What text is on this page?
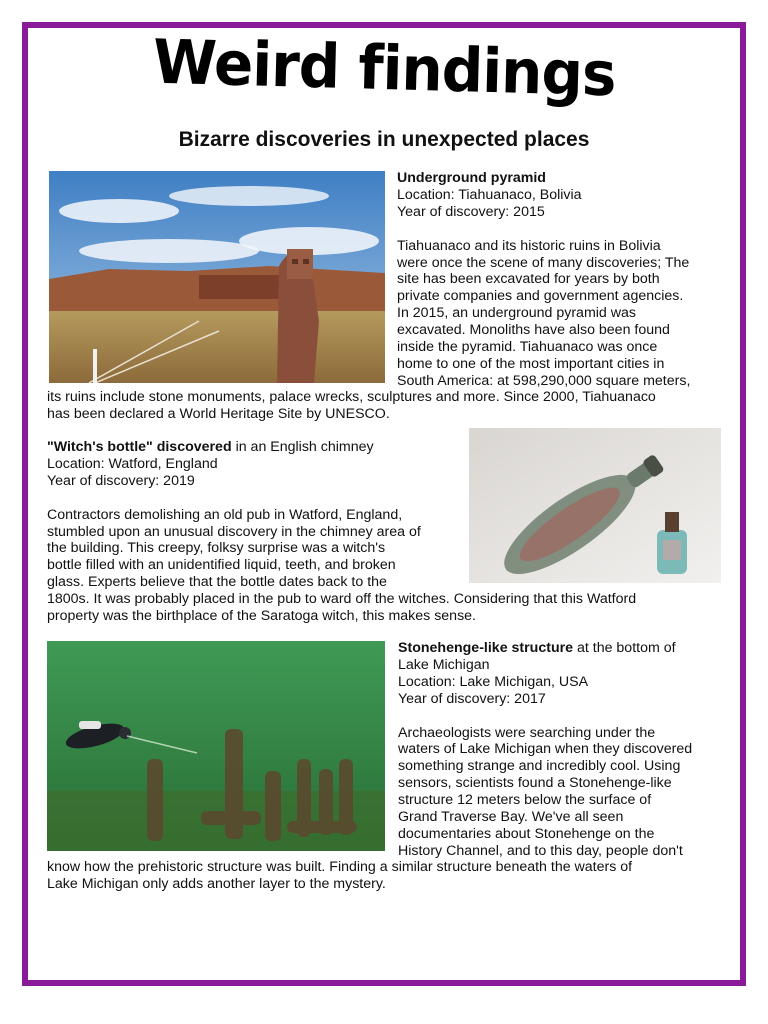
Weird findings
Bizarre discoveries in unexpected places
Underground pyramid
Location: Tiahuanaco, Bolivia
Year of discovery: 2015

Tiahuanaco and its historic ruins in Bolivia
were once the scene of many discoveries; The
site has been excavated for years by both
private companies and government agencies.
In 2015, an underground pyramid was
excavated. Monoliths have also been found
inside the pyramid. Tiahuanaco was once
home to one of the most important cities in
South America: at 598,290,000 square meters,
its ruins include stone monuments, palace wrecks, sculptures and more. Since 2000, Tiahuanaco
has been declared a World Heritage Site by UNESCO.
"Witch's bottle" discovered in an English chimney
Location: Watford, England
Year of discovery: 2019

Contractors demolishing an old pub in Watford, England,
stumbled upon an unusual discovery in the chimney area of
the building. This creepy, folksy surprise was a witch's
bottle filled with an unidentified liquid, teeth, and broken
glass. Experts believe that the bottle dates back to the
1800s. It was probably placed in the pub to ward off the witches. Considering that this Watford
property was the birthplace of the Saratoga witch, this makes sense.
Stonehenge-like structure at the bottom of
Lake Michigan
Location: Lake Michigan, USA
Year of discovery: 2017

Archaeologists were searching under the
waters of Lake Michigan when they discovered
something strange and incredibly cool. Using
sensors, scientists found a Stonehenge-like
structure 12 meters below the surface of
Grand Traverse Bay. We've all seen
documentaries about Stonehenge on the
History Channel, and to this day, people don't
know how the prehistoric structure was built. Finding a similar structure beneath the waters of
Lake Michigan only adds another layer to the mystery.
